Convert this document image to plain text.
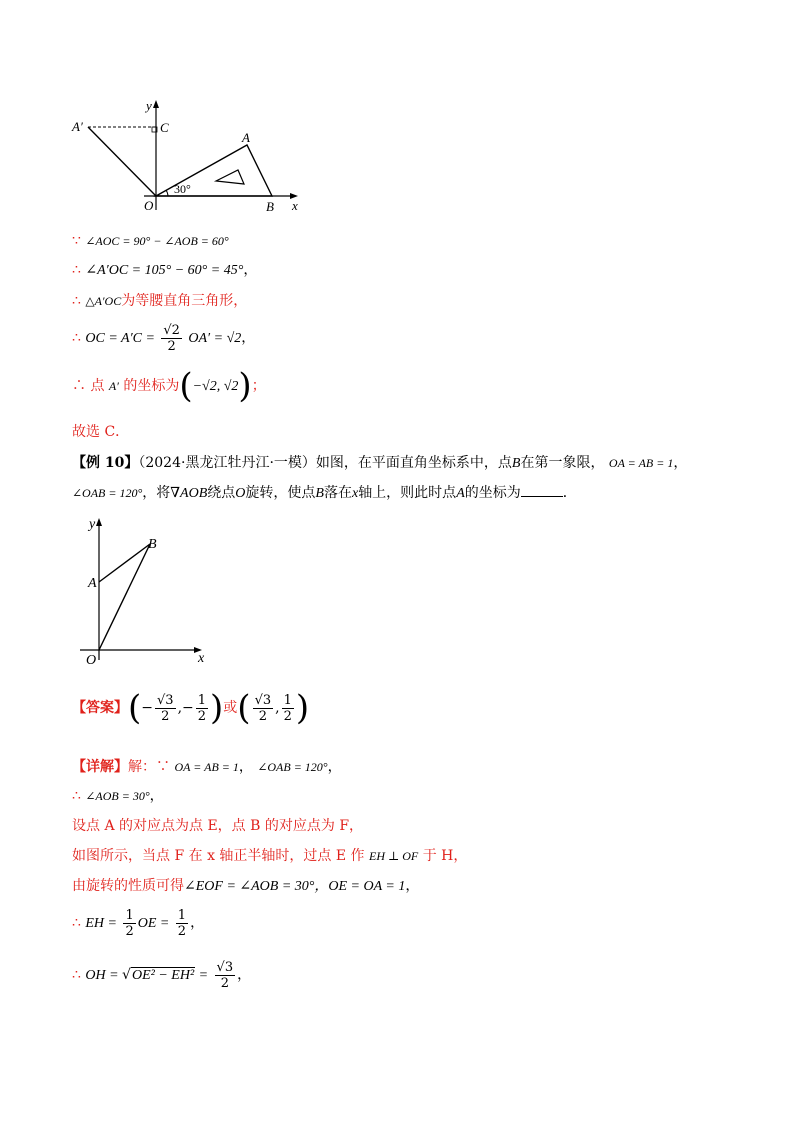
y
A′	C
A
30°
O	B x
∵ ∠AOC = 90° − ∠AOB = 60°
∴ ∠A′OC = 105° − 60° = 45°，
∴ △A′OC为等腰直角三角形，
∴ OC = $A'C = \frac{√2}{2} OA' = √2$，
∴ 点 A′ 的坐标为(−√2, √2)；
故选 C．
【例 10】（2024·黑龙江牡丹江·一模）如图，在平面直角坐标系中，点B在第一象限， OA = AB = 1，
∠OAB = 120°，将∇AOB绕点O旋转，使点B落在x轴上，则此时点A的坐标为	．
y
B
A
O	x
【答案】(− $\frac{√3}{2}$ ,− $\frac{1}{2}$ )或( $\frac{√3}{2}$ , $\frac{1}{2}$ )
【详解】解：∵ OA = AB = 1， ∠OAB = 120°，
∴ ∠AOB = 30°，
设点 A 的对应点为点 E，点 B 的对应点为 F，
如图所示，当点 F 在 x 轴正半轴时，过点 E 作 EH ⊥ OF 于 H，
由旋转的性质可得∠EOF = ∠AOB = 30°，OE = OA = 1，
∴ EH = $\frac{1}{2}$ OE = $\frac{1}{2}$ ，
∴ OH = $√OE^2 - EH^2 = \frac{√3}{2}$ ，
